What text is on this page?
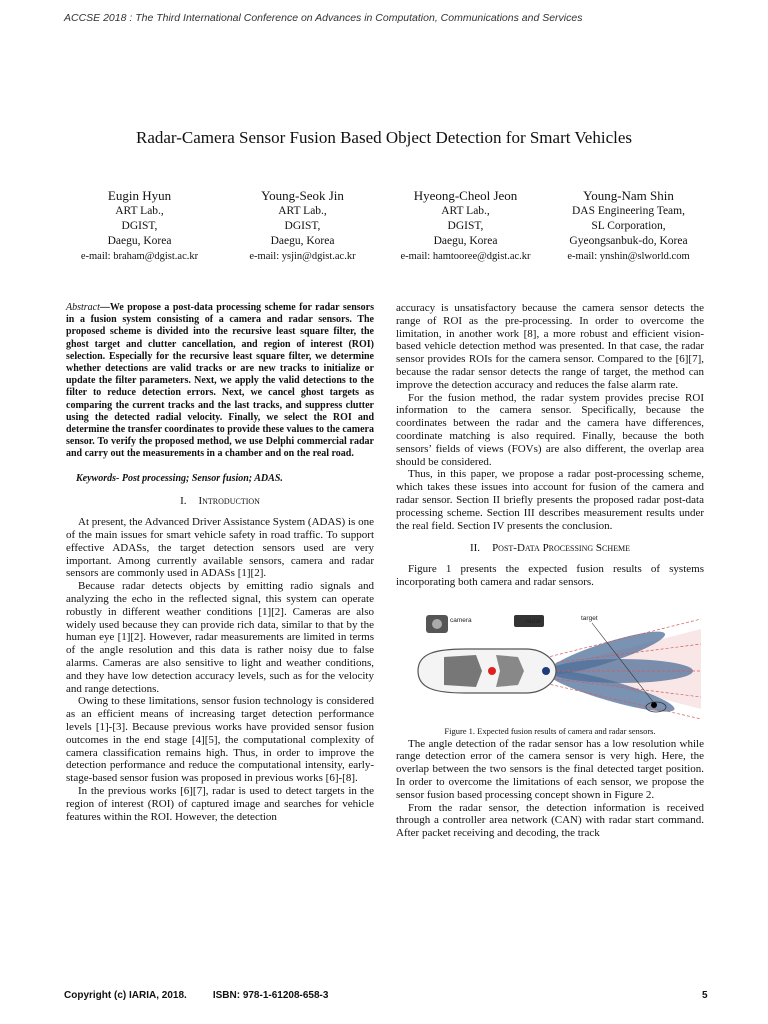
ACCSE 2018 : The Third International Conference on Advances in Computation, Communications and Services
Radar-Camera Sensor Fusion Based Object Detection for Smart Vehicles
Eugin Hyun
ART Lab.,
DGIST,
Daegu, Korea
e-mail: braham@dgist.ac.kr
Young-Seok Jin
ART Lab.,
DGIST,
Daegu, Korea
e-mail: ysjin@dgist.ac.kr
Hyeong-Cheol Jeon
ART Lab.,
DGIST,
Daegu, Korea
e-mail: hamtooree@dgist.ac.kr
Young-Nam Shin
DAS Engineering Team,
SL Corporation,
Gyeongsanbuk-do, Korea
e-mail: ynshin@slworld.com

Abstract—We propose a post-data processing scheme for radar sensors in a fusion system consisting of a camera and radar sensors. The proposed scheme is divided into the recursive least square filter, the ghost target and clutter cancellation, and region of interest (ROI) selection. Especially for the recursive least square filter, we determine whether detections are valid tracks or are new tracks to initialize or update the filter parameters. Next, we apply the valid detections to the filter to reduce detection errors. Next, we cancel ghost targets as comparing the current tracks and the last tracks, and suppress clutter using the detected radial velocity. Finally, we select the ROI and determine the transfer coordinates to provide these values to the camera sensor. To verify the proposed method, we use Delphi commercial radar and carry out the measurements in a chamber and on the real road.

Keywords- Post processing; Sensor fusion; ADAS.

I. Introduction

At present, the Advanced Driver Assistance System (ADAS) is one of the main issues for smart vehicle safety in road traffic. To support effective ADASs, the target detection sensors used are very important. Among currently available sensors, camera and radar sensors are commonly used in ADASs [1][2].

Because radar detects objects by emitting radio signals and analyzing the echo in the reflected signal, this system can operate robustly in different weather conditions [1][2]. Cameras are also widely used because they can provide rich data, similar to that by the human eye [1][2]. However, radar measurements are limited in terms of the angle resolution and this data is rather noisy due to false alarms. Cameras are also sensitive to light and weather conditions, and they have low detection accuracy levels, such as for the velocity and range detections.

Owing to these limitations, sensor fusion technology is considered as an efficient means of increasing target detection performance levels [1]-[3]. Because previous works have provided sensor fusion outcomes in the end stage [4][5], the computational complexity of camera classification remains high. Thus, in order to improve the detection performance and reduce the computational intensity, early-stage-based sensor fusion was proposed in previous works [6]-[8].

In the previous works [6][7], radar is used to detect targets in the region of interest (ROI) of captured image and searches for vehicle features within the ROI. However, the detection

accuracy is unsatisfactory because the camera sensor detects the range of ROI as the pre-processing. In order to overcome the limitation, in another work [8], a more robust and efficient vision-based vehicle detection method was presented. In that case, the radar sensor provides ROIs for the camera sensor. Compared to the [6][7], because the radar sensor detects the range of target, the method can improve the detection accuracy and reduces the false alarm rate.

For the fusion method, the radar system provides precise ROI information to the camera sensor. Specifically, because the coordinates between the radar and the camera have differences, coordinate matching is also required. Finally, because the both sensors’ fields of views (FOVs) are also different, the overlap area should be considered.

Thus, in this paper, we propose a radar post-processing scheme, which takes these issues into account for fusion of the camera and radar sensor. Section II briefly presents the proposed radar post-data processing scheme. Section III describes measurement results under the real field. Section IV presents the conclusion.

II. Post-Data Processing Scheme

Figure 1 presents the expected fusion results of systems incorporating both camera and radar sensors.

camera	radar	target

Figure 1. Expected fusion results of camera and radar sensors.

The angle detection of the radar sensor has a low resolution while range detection error of the camera sensor is very high. Here, the overlap between the two sensors is the final detected target position. In order to overcome the limitations of each sensor, we propose the sensor fusion based processing concept shown in Figure 2.

From the radar sensor, the detection information is received through a controller area network (CAN) with radar start command. After packet receiving and decoding, the track

Copyright (c) IARIA, 2018.	ISBN: 978-1-61208-658-3	5
